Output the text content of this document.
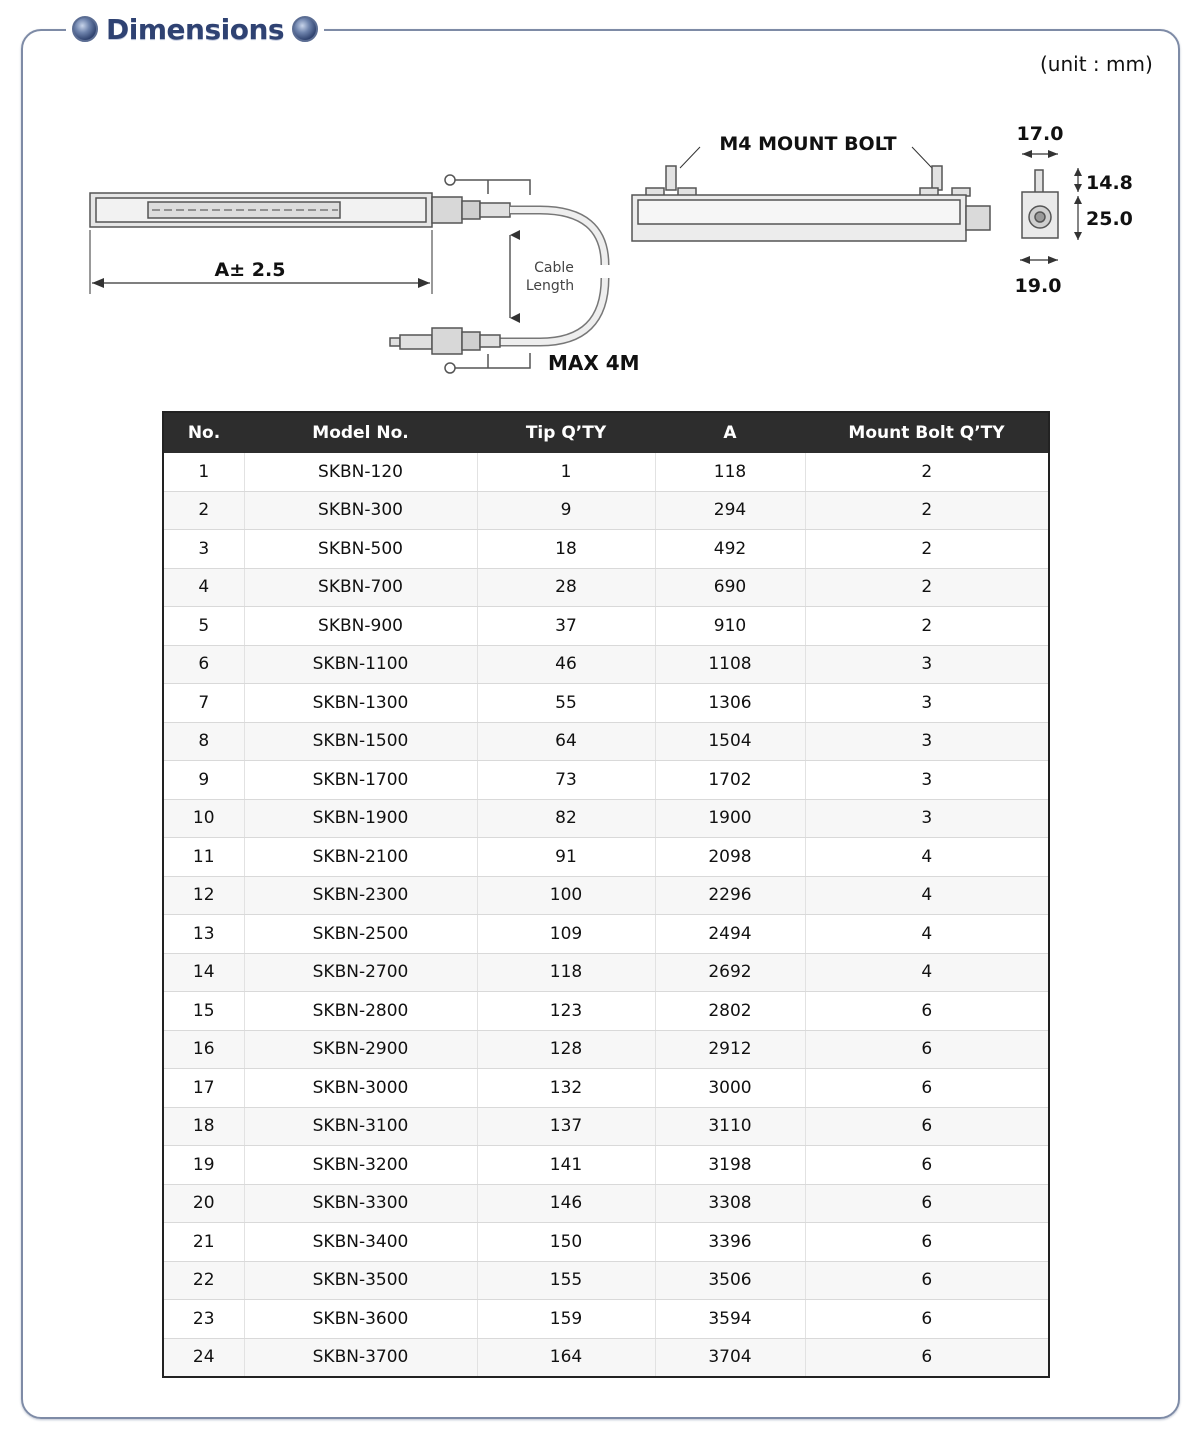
Dimensions
(unit : mm)
Cable
Length
MAX 4M
A± 2.5
M4 MOUNT BOLT	17.0
14.8
25.0
19.0
No.	Model No.	Tip Q’TY	A	Mount Bolt Q’TY
1	SKBN-120	1	118	2
2	SKBN-300	9	294	2
3	SKBN-500	18	492	2
4	SKBN-700	28	690	2
5	SKBN-900	37	910	2
6	SKBN-1100	46	1108	3
7	SKBN-1300	55	1306	3
8	SKBN-1500	64	1504	3
9	SKBN-1700	73	1702	3
10	SKBN-1900	82	1900	3
11	SKBN-2100	91	2098	4
12	SKBN-2300	100	2296	4
13	SKBN-2500	109	2494	4
14	SKBN-2700	118	2692	4
15	SKBN-2800	123	2802	6
16	SKBN-2900	128	2912	6
17	SKBN-3000	132	3000	6
18	SKBN-3100	137	3110	6
19	SKBN-3200	141	3198	6
20	SKBN-3300	146	3308	6
21	SKBN-3400	150	3396	6
22	SKBN-3500	155	3506	6
23	SKBN-3600	159	3594	6
24	SKBN-3700	164	3704	6
